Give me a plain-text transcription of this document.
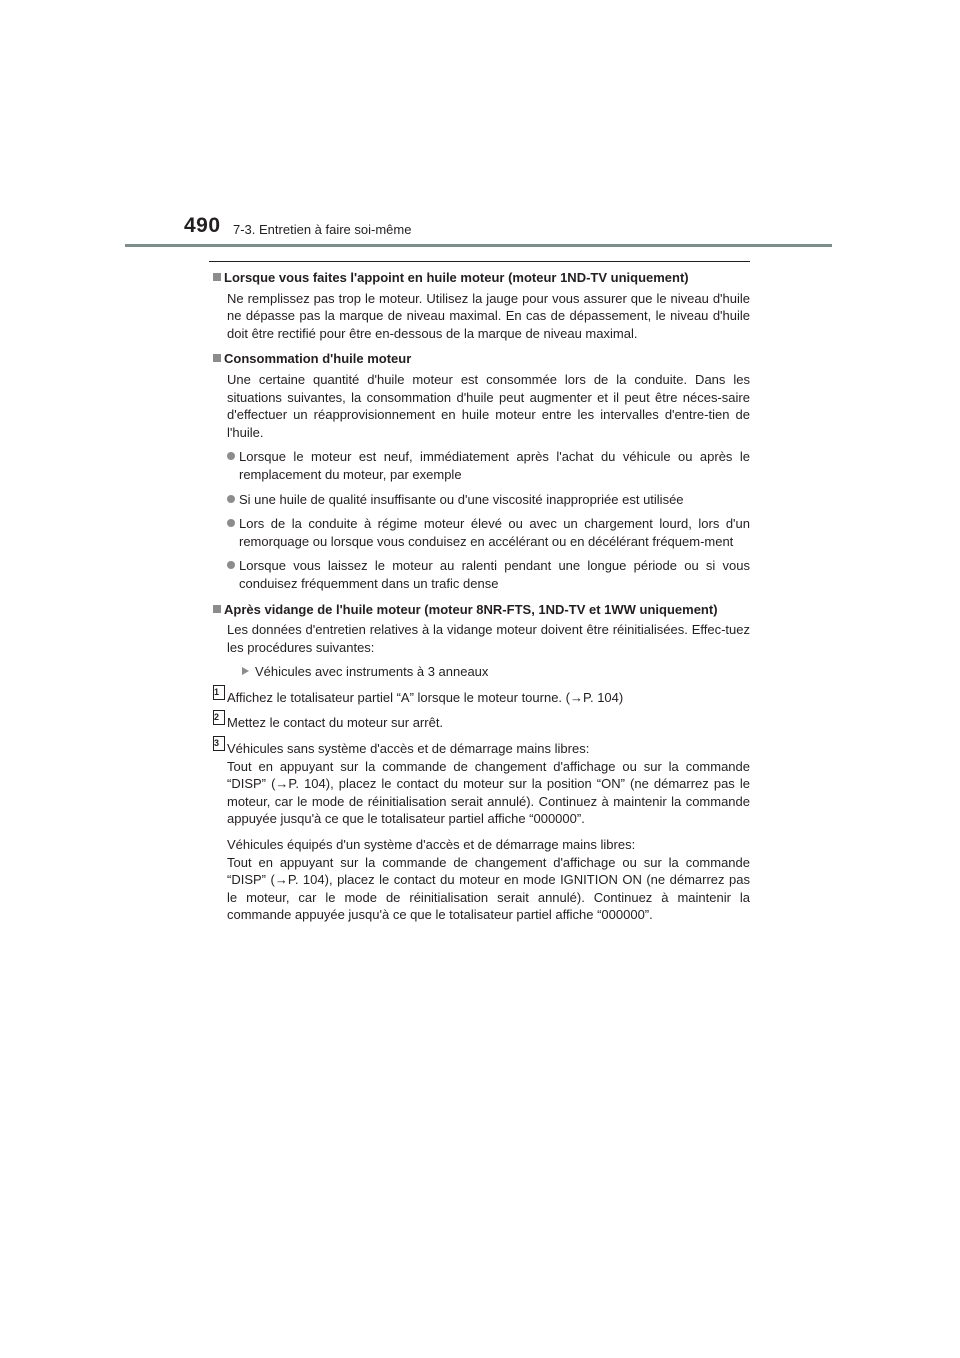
490 7-3. Entretien à faire soi-même

Lorsque vous faites l'appoint en huile moteur (moteur 1ND-TV uniquement)

Ne remplissez pas trop le moteur. Utilisez la jauge pour vous assurer que le niveau d'huile ne dépasse pas la marque de niveau maximal. En cas de dépassement, le niveau d'huile doit être rectifié pour être en-dessous de la marque de niveau maximal.

Consommation d'huile moteur

Une certaine quantité d'huile moteur est consommée lors de la conduite. Dans les situations suivantes, la consommation d'huile peut augmenter et il peut être néces-saire d'effectuer un réapprovisionnement en huile moteur entre les intervalles d'entre-tien de l'huile.

Lorsque le moteur est neuf, immédiatement après l'achat du véhicule ou après le remplacement du moteur, par exemple

Si une huile de qualité insuffisante ou d'une viscosité inappropriée est utilisée

Lors de la conduite à régime moteur élevé ou avec un chargement lourd, lors d'un remorquage ou lorsque vous conduisez en accélérant ou en décélérant fréquem-ment

Lorsque vous laissez le moteur au ralenti pendant une longue période ou si vous conduisez fréquemment dans un trafic dense

Après vidange de l'huile moteur (moteur 8NR-FTS, 1ND-TV et 1WW uniquement)

Les données d'entretien relatives à la vidange moteur doivent être réinitialisées. Effec-tuez les procédures suivantes:

Véhicules avec instruments à 3 anneaux

1 Affichez le totalisateur partiel “A” lorsque le moteur tourne. (→P. 104)
2 Mettez le contact du moteur sur arrêt.
3 Véhicules sans système d'accès et de démarrage mains libres:
Tout en appuyant sur la commande de changement d'affichage ou sur la commande “DISP” (→P. 104), placez le contact du moteur sur la position “ON” (ne démarrez pas le moteur, car le mode de réinitialisation serait annulé). Continuez à maintenir la commande appuyée jusqu'à ce que le totalisateur partiel affiche “000000”.
Véhicules équipés d'un système d'accès et de démarrage mains libres:
Tout en appuyant sur la commande de changement d'affichage ou sur la commande “DISP” (→P. 104), placez le contact du moteur en mode IGNITION ON (ne démarrez pas le moteur, car le mode de réinitialisation serait annulé). Continuez à maintenir la commande appuyée jusqu'à ce que le totalisateur partiel affiche “000000”.
